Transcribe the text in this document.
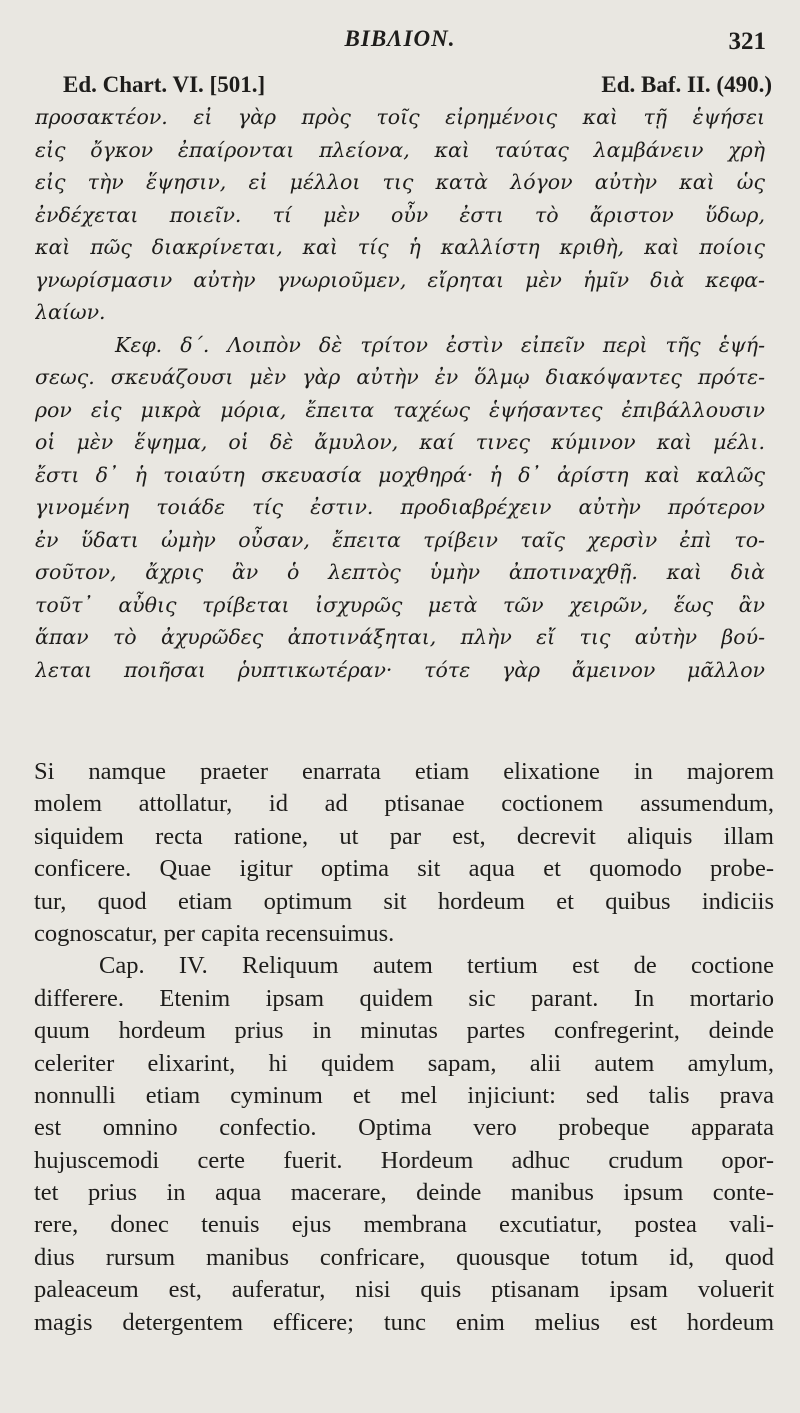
BIBΛION.	321
Ed. Chart. VI. [501.]	Ed. Baf. II. (490.)
προσακτέον. εἰ γὰρ πρὸς τοῖς εἰρημένοις καὶ τῇ ἑψήσει
εἰς ὄγκον ἐπαίρονται πλείονα, καὶ ταύτας λαμβάνειν χρὴ
εἰς τὴν ἕψησιν, εἰ μέλλοι τις κατὰ λόγον αὐτὴν καὶ ὡς
ἐνδέχεται ποιεῖν. τί μὲν οὖν ἐστι τὸ ἄριστον ὕδωρ,
καὶ πῶς διακρίνεται, καὶ τίς ἡ καλλίστη κριθὴ, καὶ ποίοις
γνωρίσμασιν αὐτὴν γνωριοῦμεν, εἴρηται μὲν ἡμῖν διὰ κεφα-
λαίων.
Κεφ. δ΄. Λοιπὸν δὲ τρίτον ἐστὶν εἰπεῖν περὶ τῆς ἑψή-
σεως. σκευάζουσι μὲν γὰρ αὐτὴν ἐν ὅλμῳ διακόψαντες πρότε-
ρον εἰς μικρὰ μόρια, ἔπειτα ταχέως ἑψήσαντες ἐπιβάλλουσιν
οἱ μὲν ἕψημα, οἱ δὲ ἄμυλον, καί τινες κύμινον καὶ μέλι.
ἔστι δ᾽ ἡ τοιαύτη σκευασία μοχθηρά· ἡ δ᾽ ἀρίστη καὶ καλῶς
γινομένη τοιάδε τίς ἐστιν. προδιαβρέχειν αὐτὴν πρότερον
ἐν ὕδατι ὠμὴν οὖσαν, ἔπειτα τρίβειν ταῖς χερσὶν ἐπὶ το-
σοῦτον, ἄχρις ἂν ὁ λεπτὸς ὑμὴν ἀποτιναχθῇ. καὶ διὰ
τοῦτ᾽ αὖθις τρίβεται ἰσχυρῶς μετὰ τῶν χειρῶν, ἕως ἂν
ἅπαν τὸ ἀχυρῶδες ἀποτινάξηται, πλὴν εἴ τις αὐτὴν βού-
λεται ποιῆσαι ῥυπτικωτέραν· τότε γὰρ ἄμεινον μᾶλλον
Si namque praeter enarrata etiam elixatione in majorem
molem attollatur, id ad ptisanae coctionem assumendum,
siquidem recta ratione, ut par est, decrevit aliquis illam
conficere. Quae igitur optima sit aqua et quomodo probe-
tur, quod etiam optimum sit hordeum et quibus indiciis
cognoscatur, per capita recensuimus.
Cap. IV. Reliquum autem tertium est de coctione
differere. Etenim ipsam quidem sic parant. In mortario
quum hordeum prius in minutas partes confregerint, deinde
celeriter elixarint, hi quidem sapam, alii autem amylum,
nonnulli etiam cyminum et mel injiciunt: sed talis prava
est omnino confectio. Optima vero probeque apparata
hujuscemodi certe fuerit. Hordeum adhuc crudum opor-
tet prius in aqua macerare, deinde manibus ipsum conte-
rere, donec tenuis ejus membrana excutiatur, postea vali-
dius rursum manibus confricare, quousque totum id, quod
paleaceum est, auferatur, nisi quis ptisanam ipsam voluerit
magis detergentem efficere; tunc enim melius est hordeum
